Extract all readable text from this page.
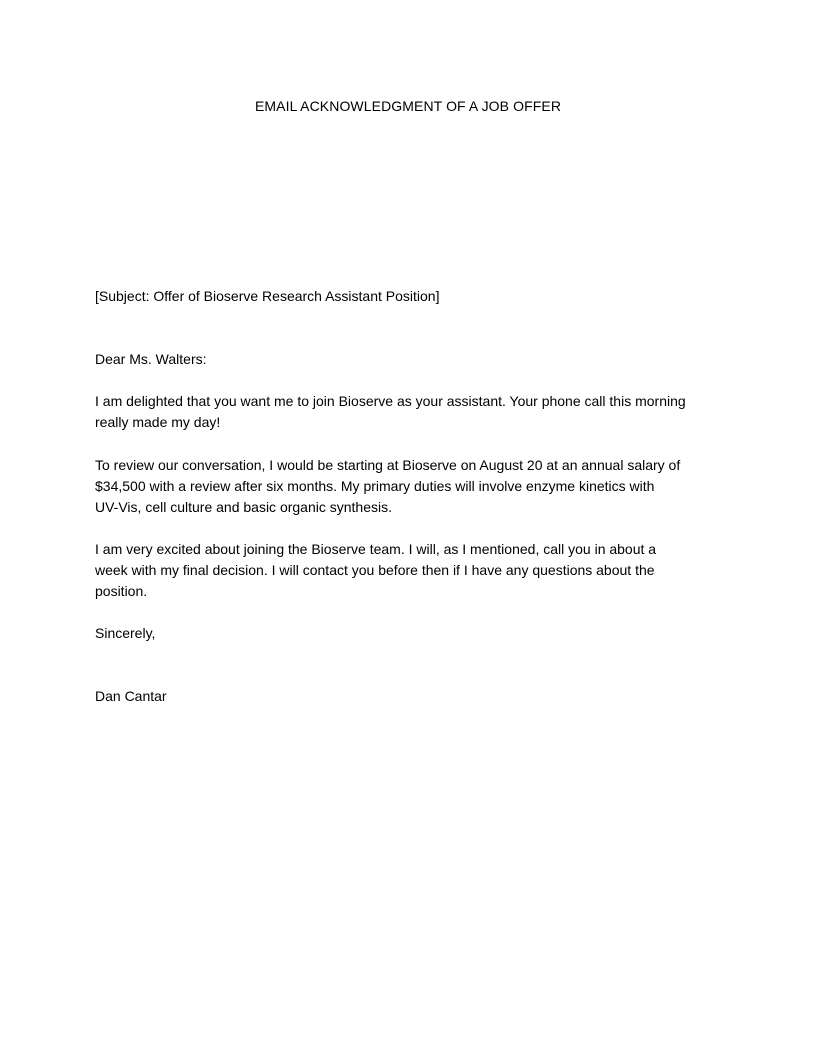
EMAIL ACKNOWLEDGMENT OF A JOB OFFER
[Subject: Offer of Bioserve Research Assistant Position]
Dear Ms. Walters:
I am delighted that you want me to join Bioserve as your assistant. Your phone call this morning
really made my day!
To review our conversation, I would be starting at Bioserve on August 20 at an annual salary of
$34,500 with a review after six months. My primary duties will involve enzyme kinetics with
UV-Vis, cell culture and basic organic synthesis.
I am very excited about joining the Bioserve team. I will, as I mentioned, call you in about a
week with my final decision. I will contact you before then if I have any questions about the
position.
Sincerely,
Dan Cantar
